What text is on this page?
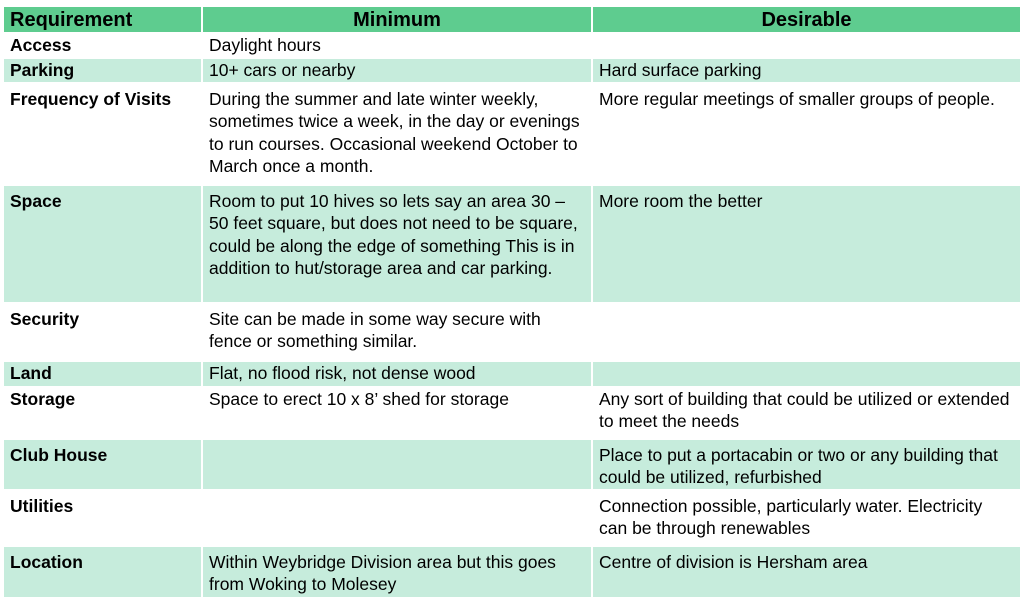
Requirement	Minimum	Desirable
Access	Daylight hours	
Parking	10+ cars or nearby	Hard surface parking
Frequency of Visits	During the summer and late winter weekly, sometimes twice a week, in the day or evenings to run courses. Occasional weekend October to March once a month.	More regular meetings of smaller groups of people.
Space	Room to put 10 hives so lets say an area 30 – 50 feet square, but does not need to be square, could be along the edge of something This is in addition to hut/storage area and car parking.	More room the better
Security	Site can be made in some way secure with fence or something similar.	
Land	Flat, no flood risk, not dense wood	
Storage	Space to erect 10 x 8’ shed for storage	Any sort of building that could be utilized or extended to meet the needs
Club House		Place to put a portacabin or two or any building that could be utilized, refurbished
Utilities		Connection possible, particularly water. Electricity can be through renewables
Location	Within Weybridge Division area but this goes from Woking to Molesey	Centre of division is Hersham area
